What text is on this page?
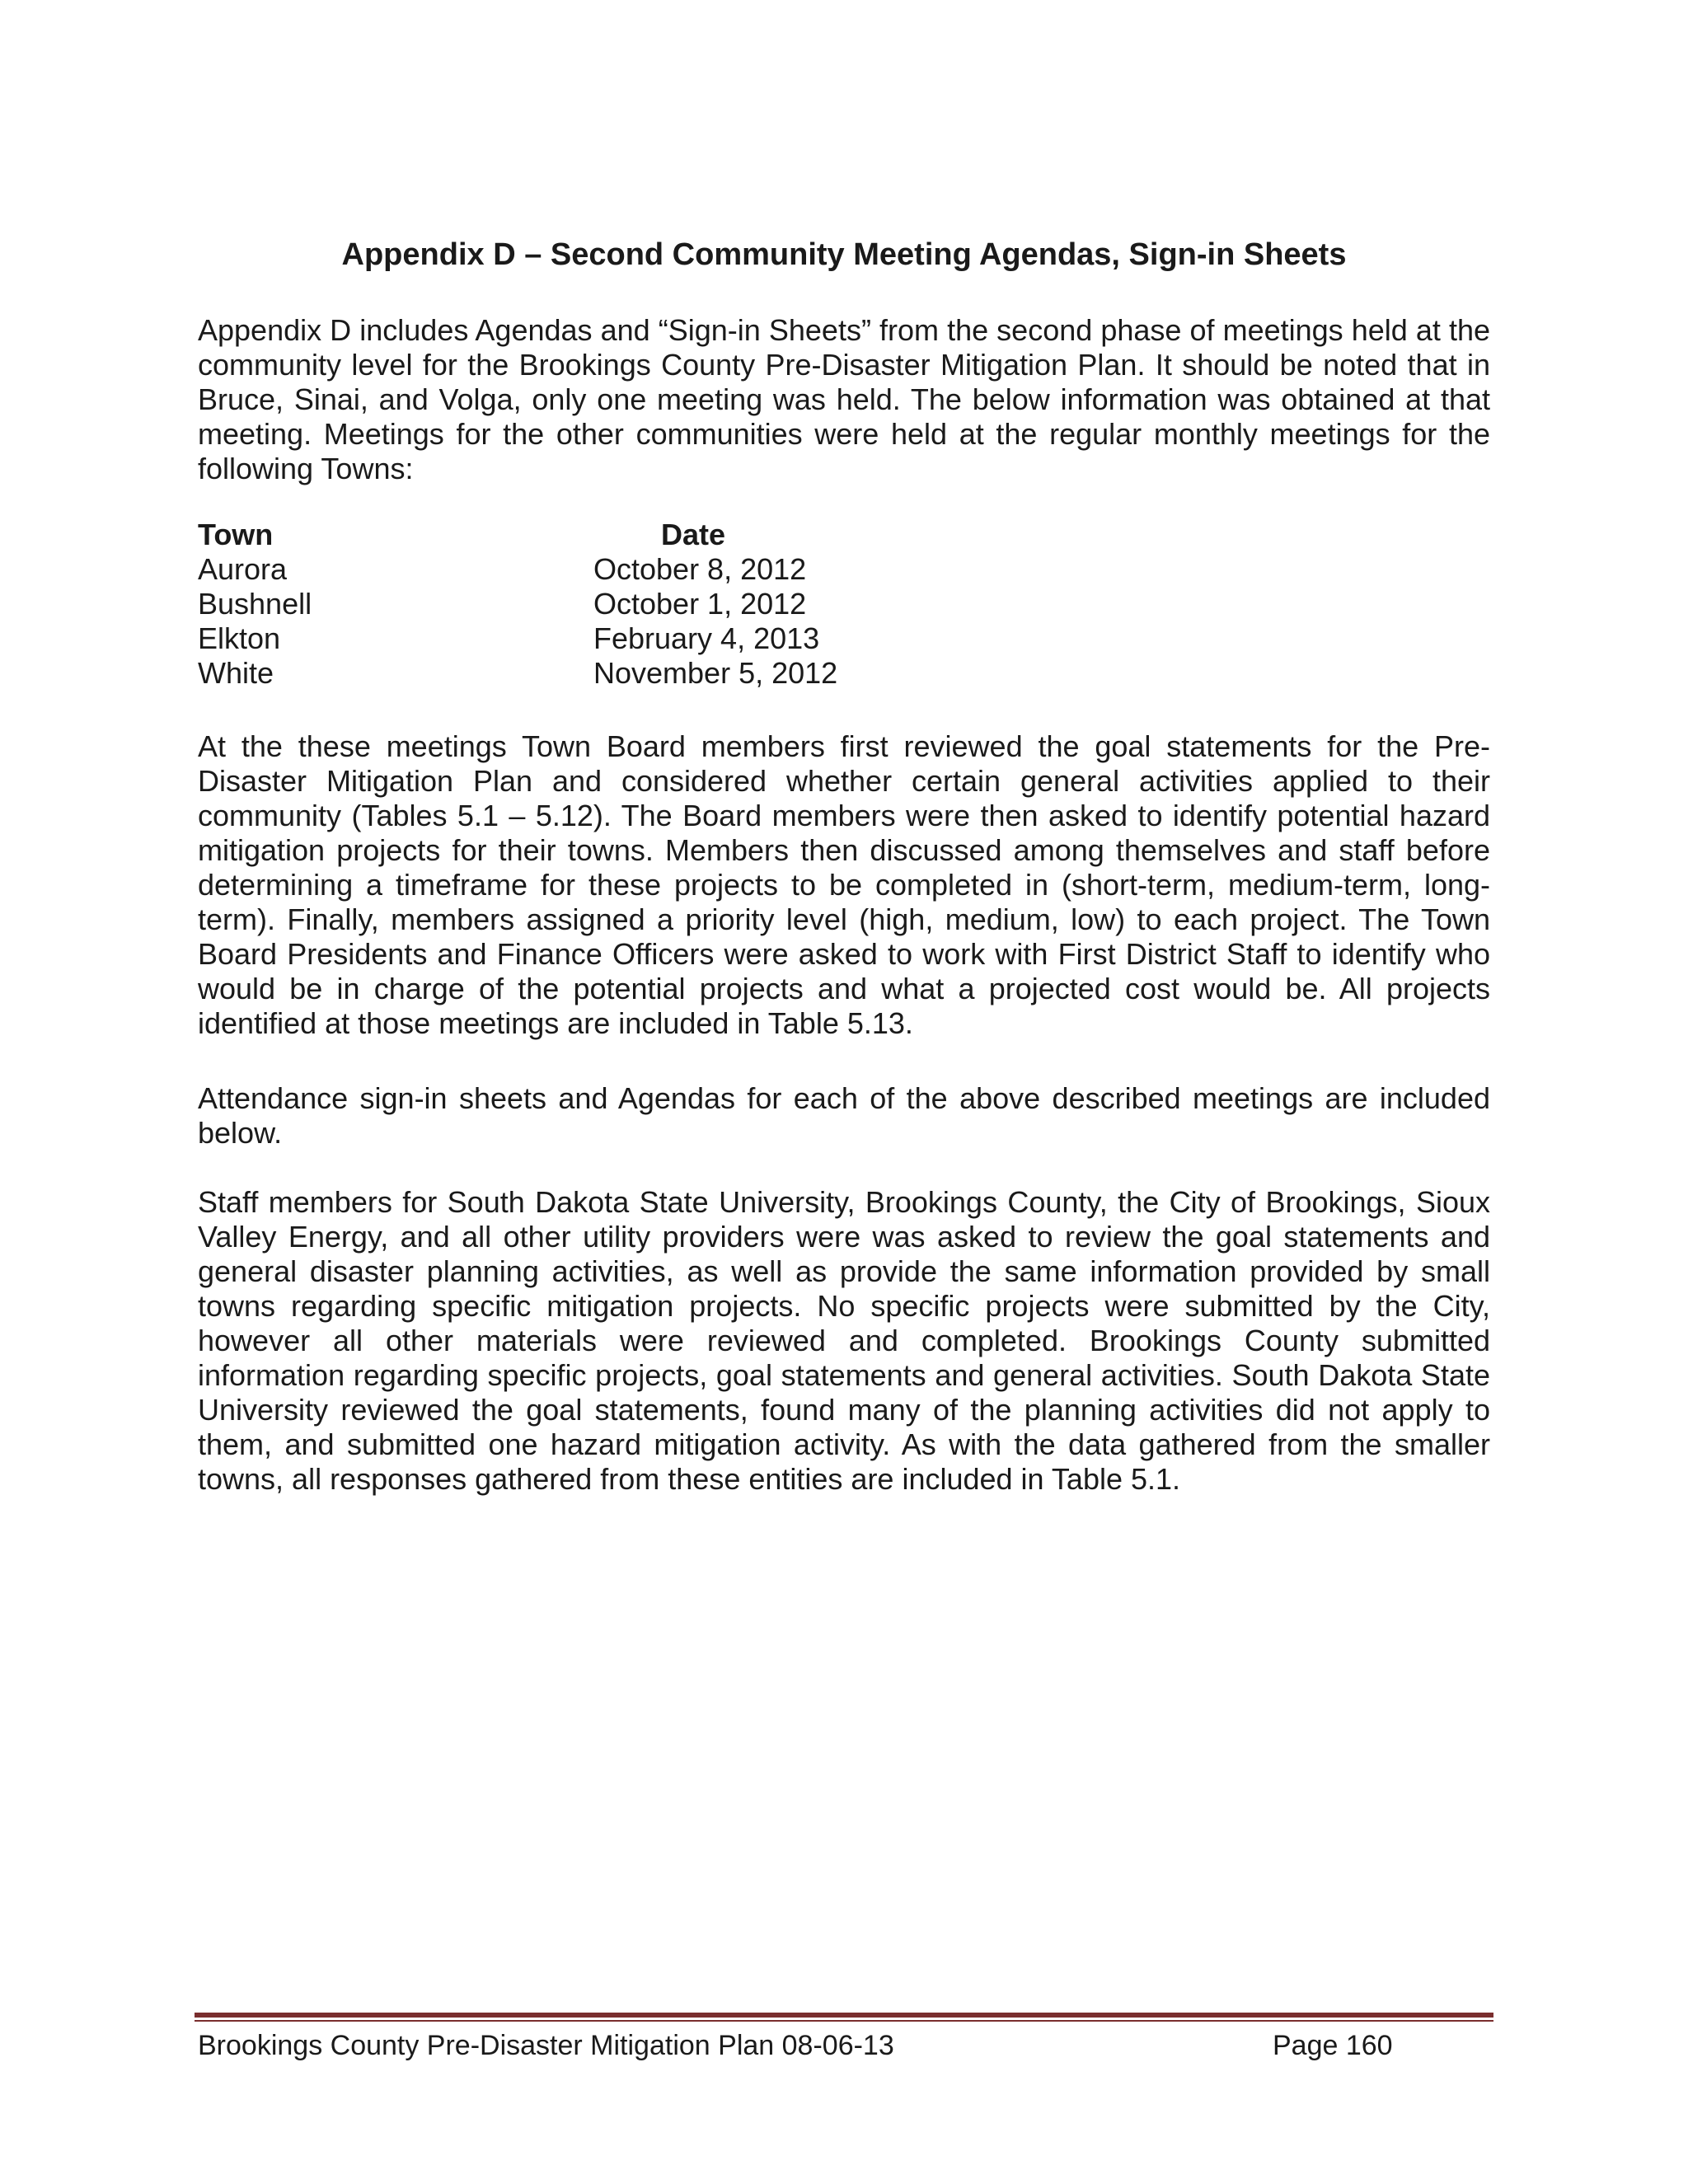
Appendix D – Second Community Meeting Agendas, Sign-in Sheets

Appendix D includes Agendas and “Sign-in Sheets” from the second phase of meetings held at the community level for the Brookings County Pre-Disaster Mitigation Plan. It should be noted that in Bruce, Sinai, and Volga, only one meeting was held. The below information was obtained at that meeting. Meetings for the other communities were held at the regular monthly meetings for the following Towns:

Town	Date
Aurora	October 8, 2012
Bushnell	October 1, 2012
Elkton	February 4, 2013
White	November 5, 2012

At the these meetings Town Board members first reviewed the goal statements for the Pre-Disaster Mitigation Plan and considered whether certain general activities applied to their community (Tables 5.1 – 5.12). The Board members were then asked to identify potential hazard mitigation projects for their towns. Members then discussed among themselves and staff before determining a timeframe for these projects to be completed in (short-term, medium-term, long-term). Finally, members assigned a priority level (high, medium, low) to each project. The Town Board Presidents and Finance Officers were asked to work with First District Staff to identify who would be in charge of the potential projects and what a projected cost would be. All projects identified at those meetings are included in Table 5.13.

Attendance sign-in sheets and Agendas for each of the above described meetings are included below.

Staff members for South Dakota State University, Brookings County, the City of Brookings, Sioux Valley Energy, and all other utility providers were was asked to review the goal statements and general disaster planning activities, as well as provide the same information provided by small towns regarding specific mitigation projects. No specific projects were submitted by the City, however all other materials were reviewed and completed. Brookings County submitted information regarding specific projects, goal statements and general activities. South Dakota State University reviewed the goal statements, found many of the planning activities did not apply to them, and submitted one hazard mitigation activity. As with the data gathered from the smaller towns, all responses gathered from these entities are included in Table 5.1.

Brookings County Pre-Disaster Mitigation Plan 08-06-13	Page 160
